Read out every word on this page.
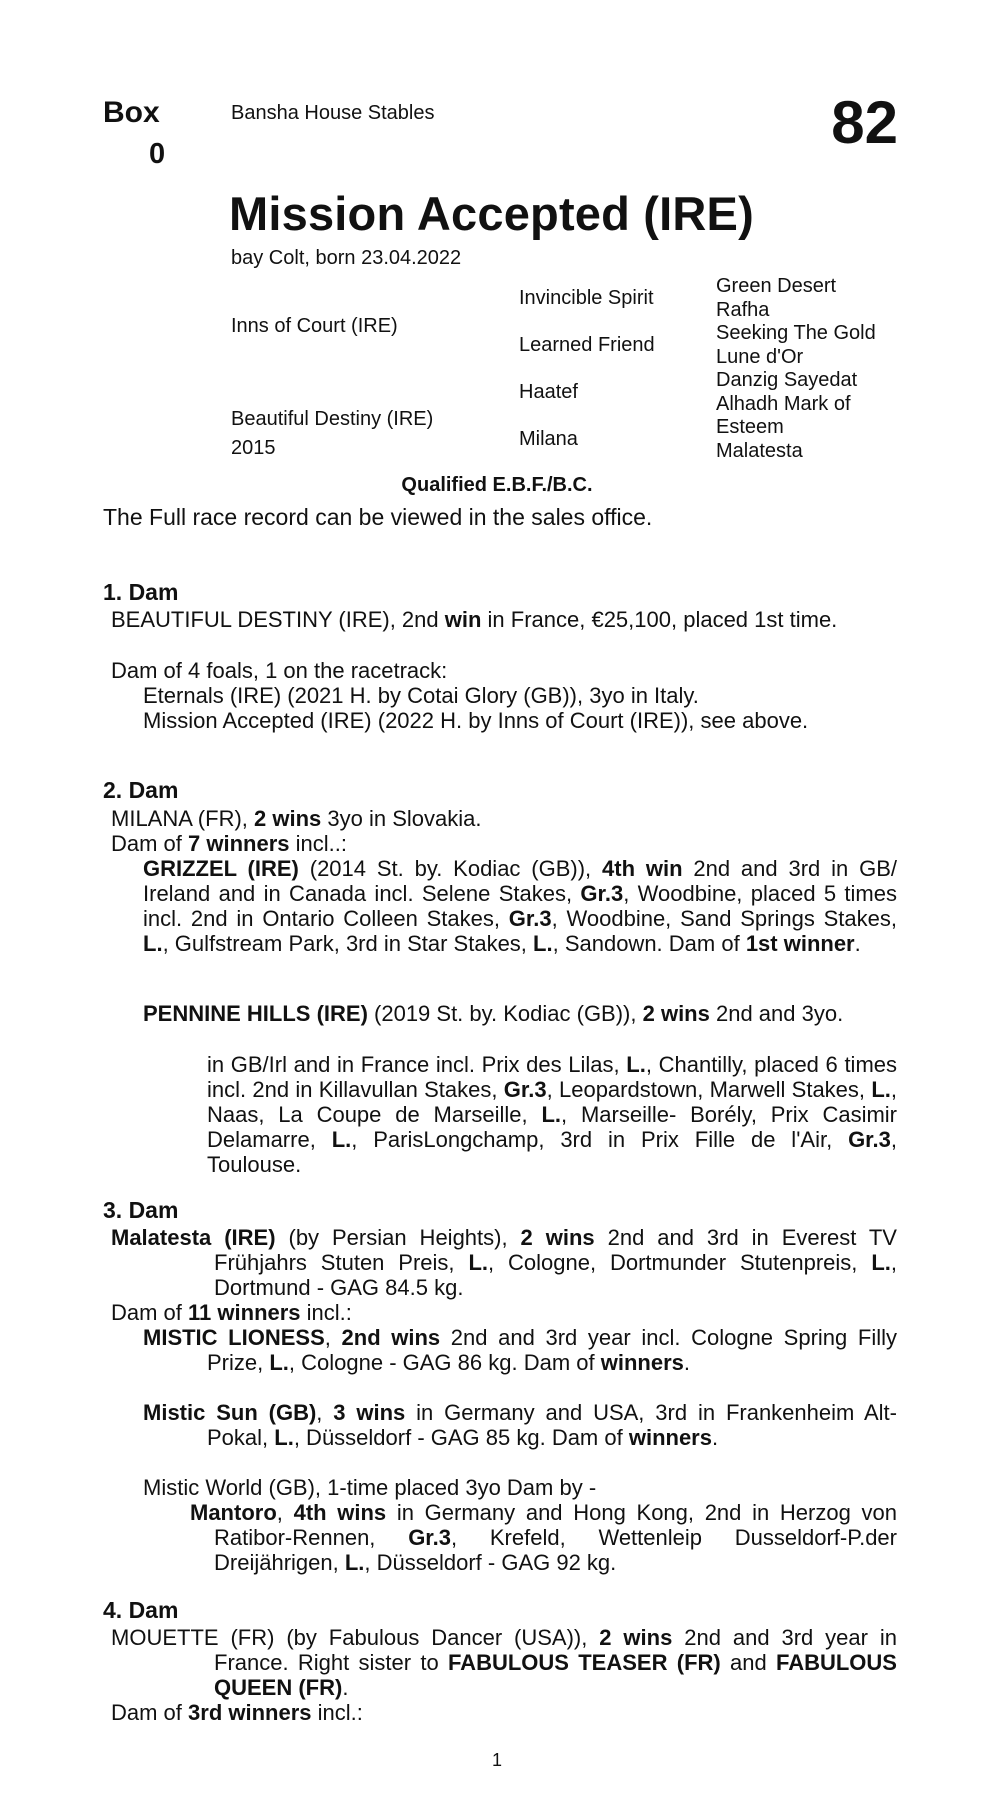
Box
0
Bansha House Stables	82
Mission Accepted (IRE)
bay Colt, born 23.04.2022
Inns of Court (IRE)
Beautiful Destiny (IRE)
2015
Invincible Spirit
Learned Friend
Haatef
Milana
Green Desert
Rafha
Seeking The Gold
Lune d'Or
Danzig Sayedat
Alhadh Mark of
Esteem
Malatesta
Qualified E.B.F./B.C.
The Full race record can be viewed in the sales office.
1. Dam
BEAUTIFUL DESTINY (IRE), 2nd win in France, €25,100, placed 1st time.
Dam of 4 foals, 1 on the racetrack:
Eternals (IRE) (2021 H. by Cotai Glory (GB)), 3yo in Italy.
Mission Accepted (IRE) (2022 H. by Inns of Court (IRE)), see above.
2. Dam
MILANA (FR), 2 wins 3yo in Slovakia.
Dam of 7 winners incl..:
GRIZZEL (IRE) (2014 St. by. Kodiac (GB)), 4th win 2nd and 3rd in GB/ Ireland and in Canada incl. Selene Stakes, Gr.3, Woodbine, placed 5 times incl. 2nd in Ontario Colleen Stakes, Gr.3, Woodbine, Sand Springs Stakes, L., Gulfstream Park, 3rd in Star Stakes, L., Sandown. Dam of 1st winner.
PENNINE HILLS (IRE) (2019 St. by. Kodiac (GB)), 2 wins 2nd and 3yo.
in GB/Irl and in France incl. Prix des Lilas, L., Chantilly, placed 6 times incl. 2nd in Killavullan Stakes, Gr.3, Leopardstown, Marwell Stakes, L., Naas, La Coupe de Marseille, L., Marseille- Borély, Prix Casimir Delamarre, L., ParisLongchamp, 3rd in Prix Fille de l'Air, Gr.3, Toulouse.
3. Dam
Malatesta (IRE) (by Persian Heights), 2 wins 2nd and 3rd in Everest TV Frühjahrs Stuten Preis, L., Cologne, Dortmunder Stutenpreis, L., Dortmund - GAG 84.5 kg.
Dam of 11 winners incl.:
MISTIC LIONESS, 2nd wins 2nd and 3rd year incl. Cologne Spring Filly Prize, L., Cologne - GAG 86 kg. Dam of winners.
Mistic Sun (GB), 3 wins in Germany and USA, 3rd in Frankenheim Alt-Pokal, L., Düsseldorf - GAG 85 kg. Dam of winners.
Mistic World (GB), 1-time placed 3yo Dam by -
Mantoro, 4th wins in Germany and Hong Kong, 2nd in Herzog von Ratibor-Rennen, Gr.3, Krefeld, Wettenleip Dusseldorf-P.der Dreijährigen, L., Düsseldorf - GAG 92 kg.
4. Dam
MOUETTE (FR) (by Fabulous Dancer (USA)), 2 wins 2nd and 3rd year in France. Right sister to FABULOUS TEASER (FR) and FABULOUS QUEEN (FR).
Dam of 3rd winners incl.:
1
